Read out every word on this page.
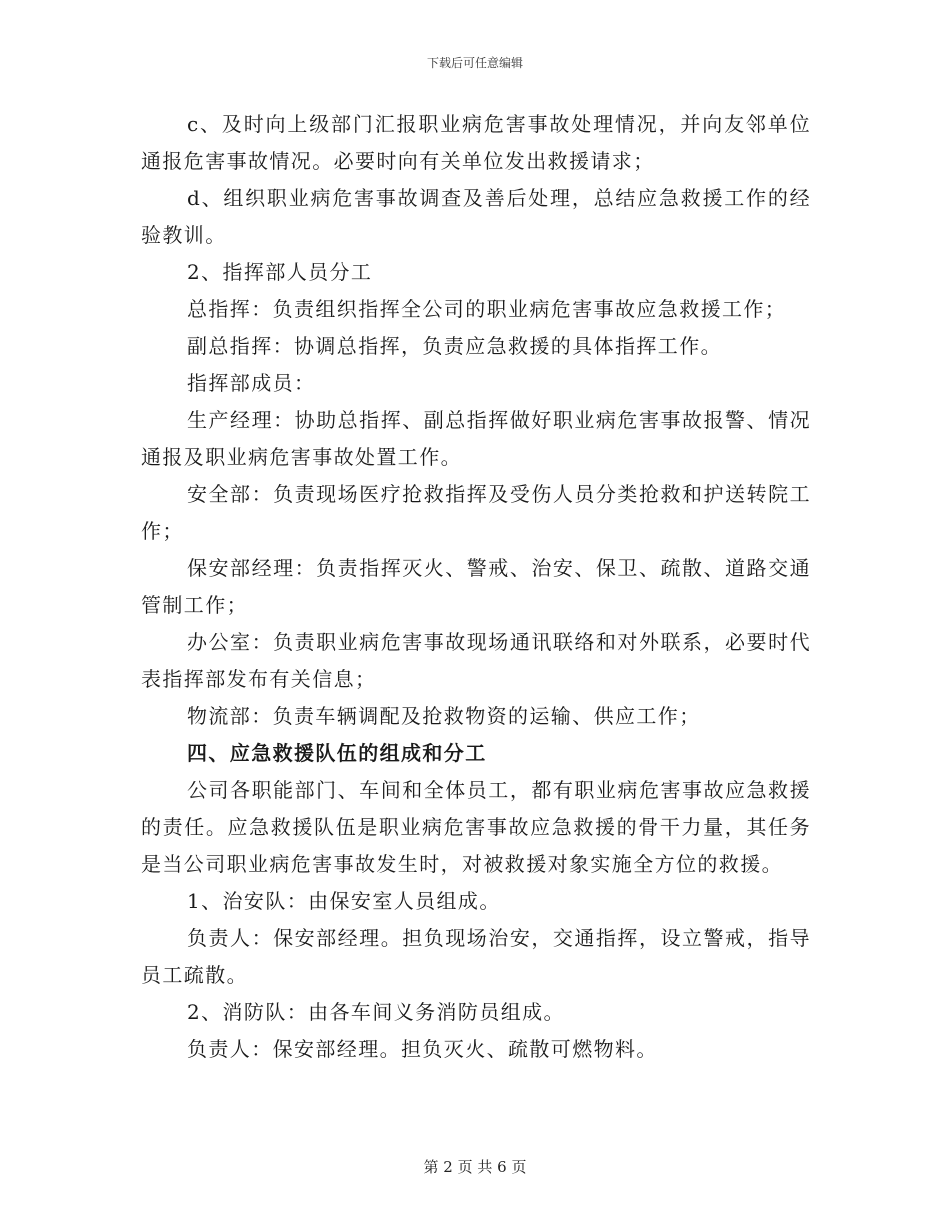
下载后可任意编辑

c、及时向上级部门汇报职业病危害事故处理情况，并向友邻单位通报危害事故情况。必要时向有关单位发出救援请求；

d、组织职业病危害事故调查及善后处理，总结应急救援工作的经验教训。

2、指挥部人员分工

总指挥：负责组织指挥全公司的职业病危害事故应急救援工作；

副总指挥：协调总指挥，负责应急救援的具体指挥工作。

指挥部成员：

生产经理：协助总指挥、副总指挥做好职业病危害事故报警、情况通报及职业病危害事故处置工作。

安全部：负责现场医疗抢救指挥及受伤人员分类抢救和护送转院工作；

保安部经理：负责指挥灭火、警戒、治安、保卫、疏散、道路交通管制工作；

办公室：负责职业病危害事故现场通讯联络和对外联系，必要时代表指挥部发布有关信息；

物流部：负责车辆调配及抢救物资的运输、供应工作；

四、应急救援队伍的组成和分工

公司各职能部门、车间和全体员工，都有职业病危害事故应急救援的责任。应急救援队伍是职业病危害事故应急救援的骨干力量，其任务是当公司职业病危害事故发生时，对被救援对象实施全方位的救援。

1、治安队：由保安室人员组成。

负责人：保安部经理。担负现场治安，交通指挥，设立警戒，指导员工疏散。

2、消防队：由各车间义务消防员组成。

负责人：保安部经理。担负灭火、疏散可燃物料。

第 2 页 共 6 页
